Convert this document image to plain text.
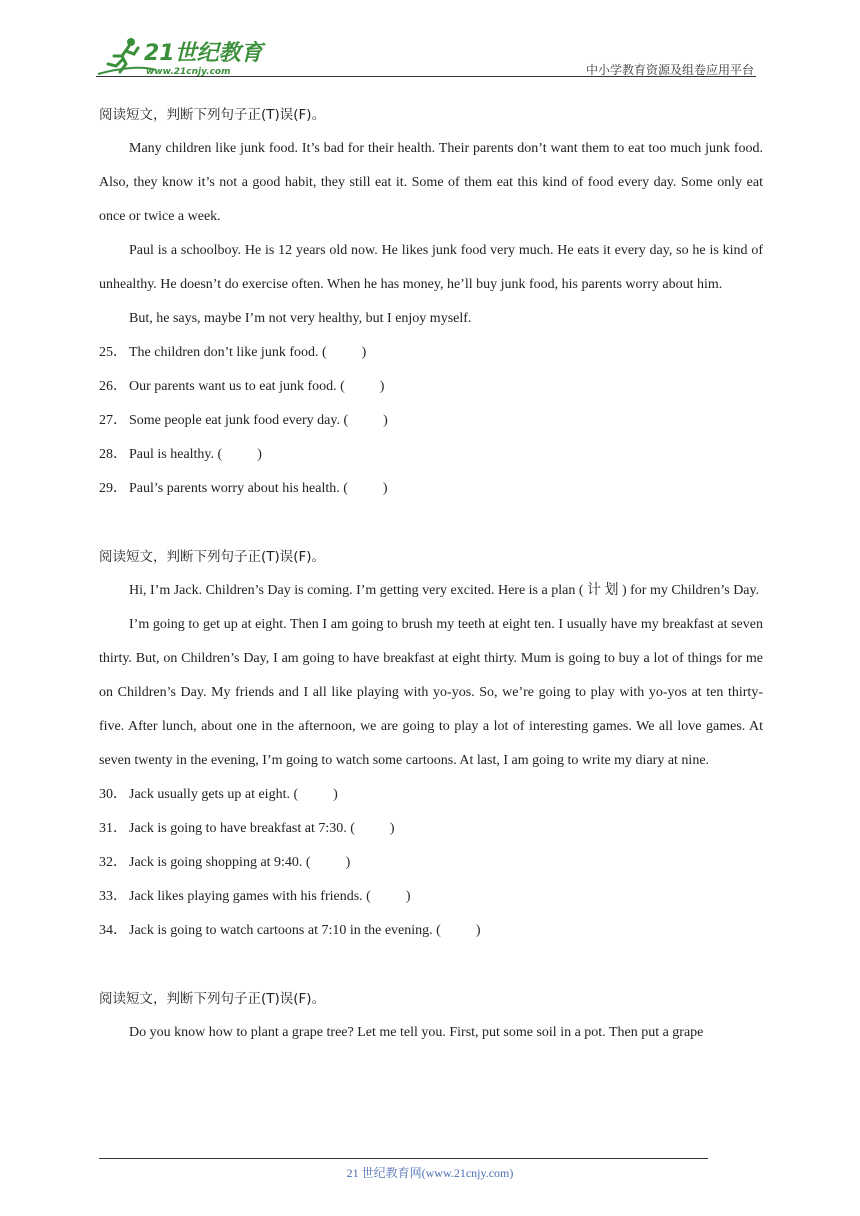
21世纪教育
www.21cnjy.com	中小学教育资源及组卷应用平台

阅读短文，判断下列句子正(T)误(F)。

Many children like junk food. It’s bad for their health. Their parents don’t want them to eat too much junk food. Also, they know it’s not a good habit, they still eat it. Some of them eat this kind of food every day. Some only eat once or twice a week.

Paul is a schoolboy. He is 12 years old now. He likes junk food very much. He eats it every day, so he is kind of unhealthy. He doesn’t do exercise often. When he has money, he’ll buy junk food, his parents worry about him.

But, he says, maybe I’m not very healthy, but I enjoy myself.

25． The children don’t like junk food. (          )

26． Our parents want us to eat junk food. (          )

27． Some people eat junk food every day. (          )

28． Paul is healthy. (          )

29． Paul’s parents worry about his health. (          )

阅读短文，判断下列句子正(T)误(F)。

Hi, I’m Jack. Children’s Day is coming. I’m getting very excited. Here is a plan ( 计 划 ) for my Children’s Day.

I’m going to get up at eight. Then I am going to brush my teeth at eight ten. I usually have my breakfast at seven thirty. But, on Children’s Day, I am going to have breakfast at eight thirty. Mum is going to buy a lot of things for me on Children’s Day. My friends and I all like playing with yo-yos. So, we’re going to play with yo-yos at ten thirty-five. After lunch, about one in the afternoon, we are going to play a lot of interesting games. We all love games. At seven twenty in the evening, I’m going to watch some cartoons. At last, I am going to write my diary at nine.

30． Jack usually gets up at eight. (          )

31． Jack is going to have breakfast at 7:30. (          )

32． Jack is going shopping at 9:40. (          )

33． Jack likes playing games with his friends. (          )

34． Jack is going to watch cartoons at 7:10 in the evening. (          )

阅读短文，判断下列句子正(T)误(F)。

Do you know how to plant a grape tree? Let me tell you. First, put some soil in a pot. Then put a grape

21 世纪教育网(www.21cnjy.com)
